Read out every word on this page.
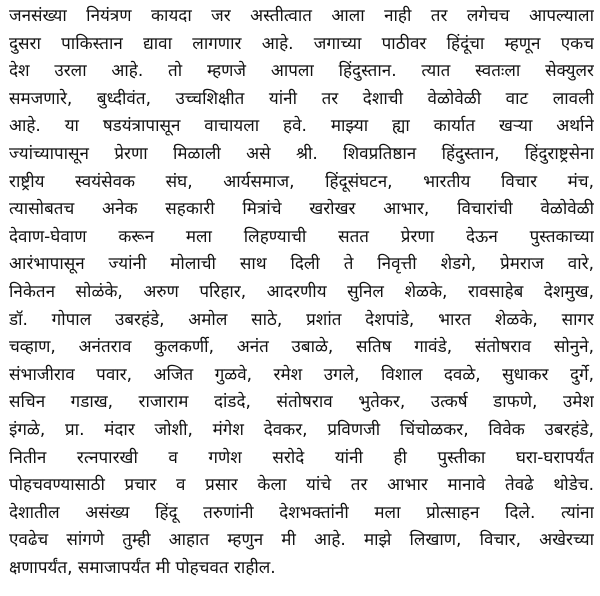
जनसंख्या नियंत्रण कायदा जर अस्तीत्वात आला नाही तर लगेचच आपल्याला
दुसरा पाकिस्तान द्यावा लागणार आहे. जगाच्या पाठीवर हिंदूंचा म्हणून एकच
देश उरला आहे. तो म्हणजे आपला हिंदुस्तान. त्यात स्वतःला सेक्युलर
समजणारे, बुध्दीवंत, उच्चशिक्षीत यांनी तर देशाची वेळोवेळी वाट लावली
आहे. या षडयंत्रापासून वाचायला हवे. माझ्या ह्या कार्यात खऱ्या अर्थाने
ज्यांच्यापासून प्रेरणा मिळाली असे श्री. शिवप्रतिष्ठान हिंदुस्तान, हिंदुराष्ट्रसेना
राष्ट्रीय स्वयंसेवक संघ, आर्यसमाज, हिंदूसंघटन, भारतीय विचार मंच,
त्यासोबतच अनेक सहकारी मित्रांचे खरोखर आभार, विचारांची वेळोवेळी
देवाण-घेवाण करून मला लिहण्याची सतत प्रेरणा देऊन पुस्तकाच्या
आरंभापासून ज्यांनी मोलाची साथ दिली ते निवृत्ती शेडगे, प्रेमराज वारे,
निकेतन सोळंके, अरुण परिहार, आदरणीय सुनिल शेळके, रावसाहेब देशमुख,
डॉ. गोपाल उबरहंडे, अमोल साठे, प्रशांत देशपांडे, भारत शेळके, सागर
चव्हाण, अनंतराव कुलकर्णी, अनंत उबाळे, सतिष गावंडे, संतोषराव सोनुने,
संभाजीराव पवार, अजित गुळवे, रमेश उगले, विशाल दवळे, सुधाकर दुर्गे,
सचिन गडाख, राजाराम दांडदे, संतोषराव भुतेकर, उत्कर्ष डाफणे, उमेश
इंगळे, प्रा. मंदार जोशी, मंगेश देवकर, प्रविणजी चिंचोळकर, विवेक उबरहंडे,
नितीन रत्नपारखी व गणेश सरोदे यांनी ही पुस्तीका घरा-घरापर्यंत
पोहचवण्यासाठी प्रचार व प्रसार केला यांचे तर आभार मानावे तेवढे थोडेच.
देशातील असंख्य हिंदू तरुणांनी देशभक्तांनी मला प्रोत्साहन दिले. त्यांना
एवढेच सांगणे तुम्ही आहात म्हणुन मी आहे. माझे लिखाण, विचार, अखेरच्या
क्षणापर्यंत, समाजापर्यंत मी पोहचवत राहील.
